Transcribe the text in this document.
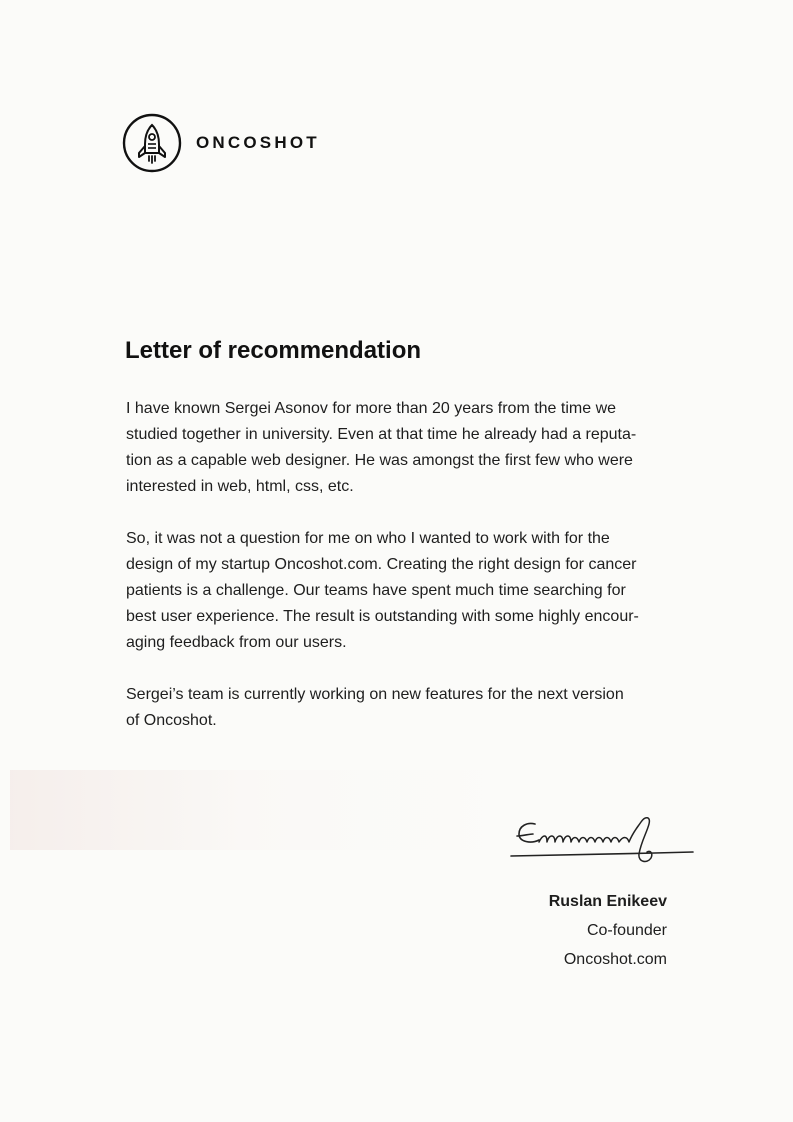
ONCOSHOT
Letter of recommendation

I have known Sergei Asonov for more than 20 years from the time we
studied together in university. Even at that time he already had a reputa-
tion as a capable web designer. He was amongst the first few who were
interested in web, html, css, etc.

So, it was not a question for me on who I wanted to work with for the
design of my startup Oncoshot.com. Creating the right design for cancer
patients is a challenge. Our teams have spent much time searching for
best user experience. The result is outstanding with some highly encour-
aging feedback from our users.

Sergei’s team is currently working on new features for the next version
of Oncoshot.

Ruslan Enikeev
Co-founder
Oncoshot.com
